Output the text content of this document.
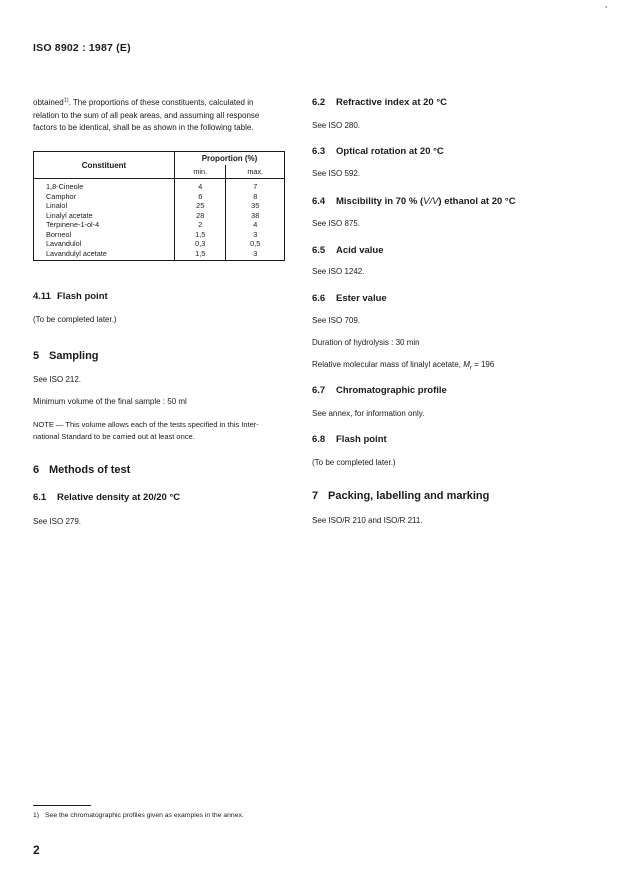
,
ISO 8902 : 1987 (E)
obtained$^{1)}$. The proportions of these constituents, calculated in
relation to the sum of all peak areas, and assuming all response
factors to be identical, shall be as shown in the following table.
Constituent	Proportion (%)	
	min.	max.
1,8-Cineole	4	7
Camphor	6	8
Linalol	25	35
Linalyl acetate	28	38
Terpinene-1-ol-4	2	4
Borneol	1,5	3
Lavandulol	0,3	0,5
Lavandulyl acetate	1,5	3
4.11 Flash point
(To be completed later.)
5 Sampling
See ISO 212.
Minimum volume of the final sample : 50 ml
NOTE — This volume allows each of the tests specified in this Inter-
national Standard to be carried out at least once.
6 Methods of test
6.1 Relative density at 20/20 °C
See ISO 279.
6.2 Refractive index at 20 °C
See ISO 280.
6.3 Optical rotation at 20 °C
See ISO 592.
6.4 Miscibility in 70 % (V/V) ethanol at 20 °C
See ISO 875.
6.5 Acid value
See ISO 1242.
6.6 Ester value
See ISO 709.
Duration of hydrolysis : 30 min
Relative molecular mass of linalyl acetate, $M_r = 196$
6.7 Chromatographic profile
See annex, for information only.
6.8 Flash point
(To be completed later.)
7 Packing, labelling and marking
See ISO/R 210 and ISO/R 211.
1) See the chromatographic profiles given as examples in the annex.
2
